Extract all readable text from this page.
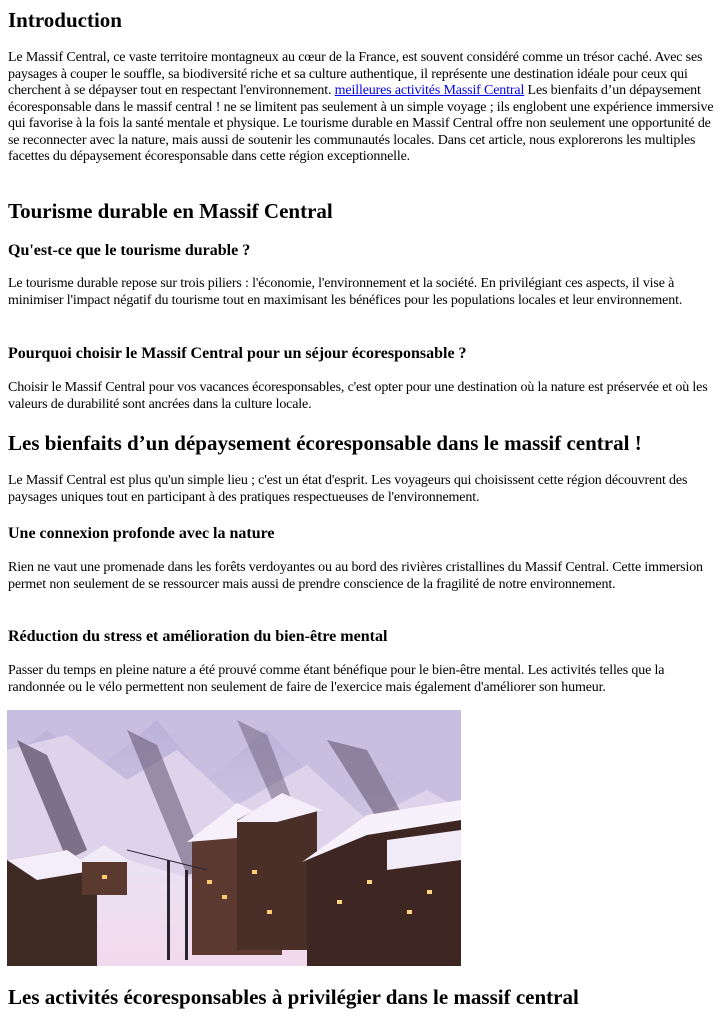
Introduction

Le Massif Central, ce vaste territoire montagneux au cœur de la France, est souvent considéré comme un trésor caché. Avec ses paysages à couper le souffle, sa biodiversité riche et sa culture authentique, il représente une destination idéale pour ceux qui cherchent à se dépayser tout en respectant l'environnement. meilleures activités Massif Central Les bienfaits d’un dépaysement écoresponsable dans le massif central ! ne se limitent pas seulement à un simple voyage ; ils englobent une expérience immersive qui favorise à la fois la santé mentale et physique. Le tourisme durable en Massif Central offre non seulement une opportunité de se reconnecter avec la nature, mais aussi de soutenir les communautés locales. Dans cet article, nous explorerons les multiples facettes du dépaysement écoresponsable dans cette région exceptionnelle.

Tourisme durable en Massif Central
Qu'est-ce que le tourisme durable ?

Le tourisme durable repose sur trois piliers : l'économie, l'environnement et la société. En privilégiant ces aspects, il vise à minimiser l'impact négatif du tourisme tout en maximisant les bénéfices pour les populations locales et leur environnement.

Pourquoi choisir le Massif Central pour un séjour écoresponsable ?

Choisir le Massif Central pour vos vacances écoresponsables, c'est opter pour une destination où la nature est préservée et où les valeurs de durabilité sont ancrées dans la culture locale.

Les bienfaits d’un dépaysement écoresponsable dans le massif central !

Le Massif Central est plus qu'un simple lieu ; c'est un état d'esprit. Les voyageurs qui choisissent cette région découvrent des paysages uniques tout en participant à des pratiques respectueuses de l'environnement.

Une connexion profonde avec la nature

Rien ne vaut une promenade dans les forêts verdoyantes ou au bord des rivières cristallines du Massif Central. Cette immersion permet non seulement de se ressourcer mais aussi de prendre conscience de la fragilité de notre environnement.

Réduction du stress et amélioration du bien-être mental

Passer du temps en pleine nature a été prouvé comme étant bénéfique pour le bien-être mental. Les activités telles que la randonnée ou le vélo permettent non seulement de faire de l'exercice mais également d'améliorer son humeur.

Les activités écoresponsables à privilégier dans le massif central
